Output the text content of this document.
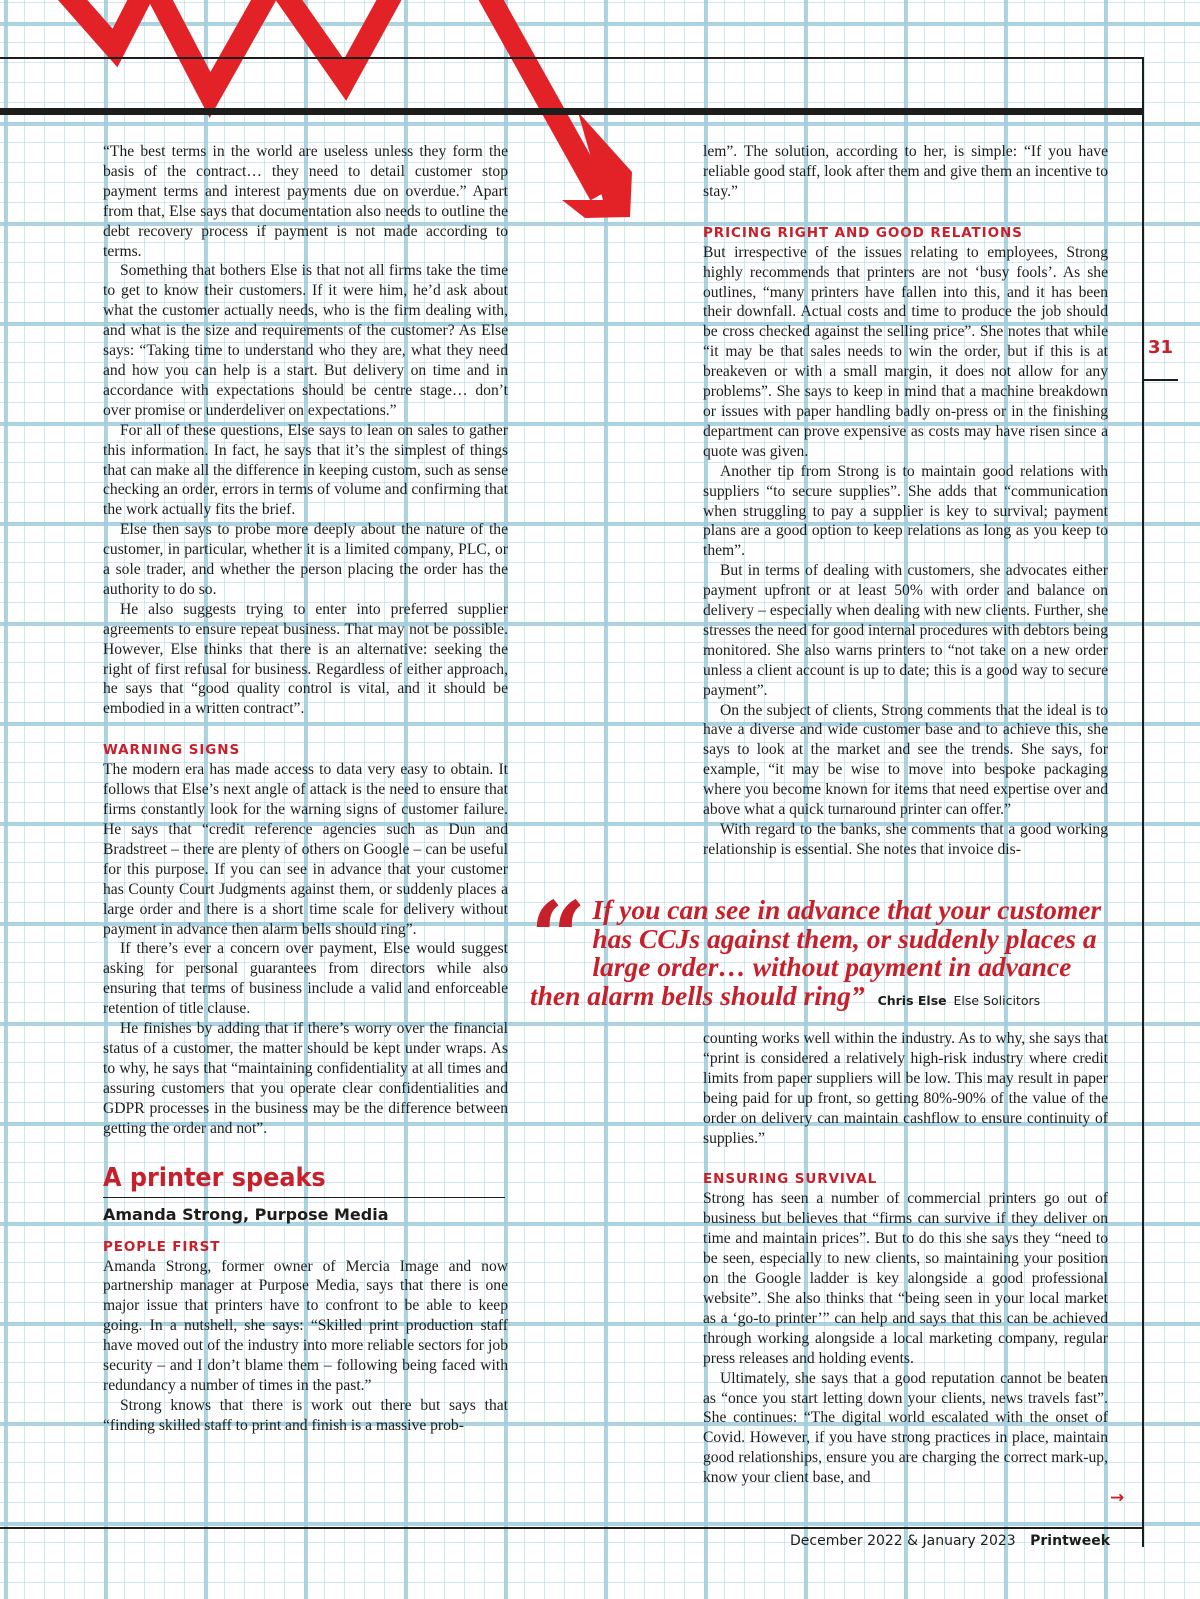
31

“The best terms in the world are useless unless they form the basis of the contract… they need to detail customer stop payment terms and interest payments due on overdue.” Apart from that, Else says that documentation also needs to outline the debt recovery process if payment is not made according to terms.

Something that bothers Else is that not all firms take the time to get to know their customers. If it were him, he’d ask about what the customer actually needs, who is the firm dealing with, and what is the size and requirements of the customer? As Else says: “Taking time to understand who they are, what they need and how you can help is a start. But delivery on time and in accordance with expectations should be centre stage… don’t over promise or underdeliver on expectations.”

For all of these questions, Else says to lean on sales to gather this information. In fact, he says that it’s the simplest of things that can make all the difference in keeping custom, such as sense checking an order, errors in terms of volume and confirming that the work actually fits the brief.

Else then says to probe more deeply about the nature of the customer, in particular, whether it is a limited company, PLC, or a sole trader, and whether the person placing the order has the authority to do so.

He also suggests trying to enter into preferred supplier agreements to ensure repeat business. That may not be possible. However, Else thinks that there is an alternative: seeking the right of first refusal for business. Regardless of either approach, he says that “good quality control is vital, and it should be embodied in a written contract”.

WARNING SIGNS

The modern era has made access to data very easy to obtain. It follows that Else’s next angle of attack is the need to ensure that firms constantly look for the warning signs of customer failure. He says that “credit reference agencies such as Dun and Bradstreet – there are plenty of others on Google – can be useful for this purpose. If you can see in advance that your customer has County Court Judgments against them, or suddenly places a large order and there is a short time scale for delivery without payment in advance then alarm bells should ring”.

If there’s ever a concern over payment, Else would suggest asking for personal guarantees from directors while also ensuring that terms of business include a valid and enforceable retention of title clause.

He finishes by adding that if there’s worry over the financial status of a customer, the matter should be kept under wraps. As to why, he says that “maintaining confidentiality at all times and assuring customers that you operate clear confidentialities and GDPR processes in the business may be the difference between getting the order and not”.

A printer speaks
Amanda Strong, Purpose Media
PEOPLE FIRST

Amanda Strong, former owner of Mercia Image and now partnership manager at Purpose Media, says that there is one major issue that printers have to confront to be able to keep going. In a nutshell, she says: “Skilled print production staff have moved out of the industry into more reliable sectors for job security – and I don’t blame them – following being faced with redundancy a number of times in the past.”

Strong knows that there is work out there but says that “finding skilled staff to print and finish is a massive prob-

lem”. The solution, according to her, is simple: “If you have reliable good staff, look after them and give them an incentive to stay.”

PRICING RIGHT AND GOOD RELATIONS

But irrespective of the issues relating to employees, Strong highly recommends that printers are not ‘busy fools’. As she outlines, “many printers have fallen into this, and it has been their downfall. Actual costs and time to produce the job should be cross checked against the selling price”. She notes that while “it may be that sales needs to win the order, but if this is at breakeven or with a small margin, it does not allow for any problems”. She says to keep in mind that a machine breakdown or issues with paper handling badly on-press or in the finishing department can prove expensive as costs may have risen since a quote was given.

Another tip from Strong is to maintain good relations with suppliers “to secure supplies”. She adds that “communication when struggling to pay a supplier is key to survival; payment plans are a good option to keep relations as long as you keep to them”.

But in terms of dealing with customers, she advocates either payment upfront or at least 50% with order and balance on delivery – especially when dealing with new clients. Further, she stresses the need for good internal procedures with debtors being monitored. She also warns printers to “not take on a new order unless a client account is up to date; this is a good way to secure payment”.

On the subject of clients, Strong comments that the ideal is to have a diverse and wide customer base and to achieve this, she says to look at the market and see the trends. She says, for example, “it may be wise to move into bespoke packaging where you become known for items that need expertise over and above what a quick turnaround printer can offer.”

With regard to the banks, she comments that a good working relationship is essential. She notes that invoice dis-

“ If you can see in advance that your customer has CCJs against them, or suddenly places a large order… without payment in advance then alarm bells should ring” Chris Else Else Solicitors

counting works well within the industry. As to why, she says that “print is considered a relatively high-risk industry where credit limits from paper suppliers will be low. This may result in paper being paid for up front, so getting 80%-90% of the value of the order on delivery can maintain cashflow to ensure continuity of supplies.”

ENSURING SURVIVAL

Strong has seen a number of commercial printers go out of business but believes that “firms can survive if they deliver on time and maintain prices”. But to do this she says they “need to be seen, especially to new clients, so maintaining your position on the Google ladder is key alongside a good professional website”. She also thinks that “being seen in your local market as a ‘go-to printer’” can help and says that this can be achieved through working alongside a local marketing company, regular press releases and holding events.

Ultimately, she says that a good reputation cannot be beaten as “once you start letting down your clients, news travels fast”. She continues: “The digital world escalated with the onset of Covid. However, if you have strong practices in place, maintain good relationships, ensure you are charging the correct mark-up, know your client base, and

→
December 2022 & January 2023 Printweek
